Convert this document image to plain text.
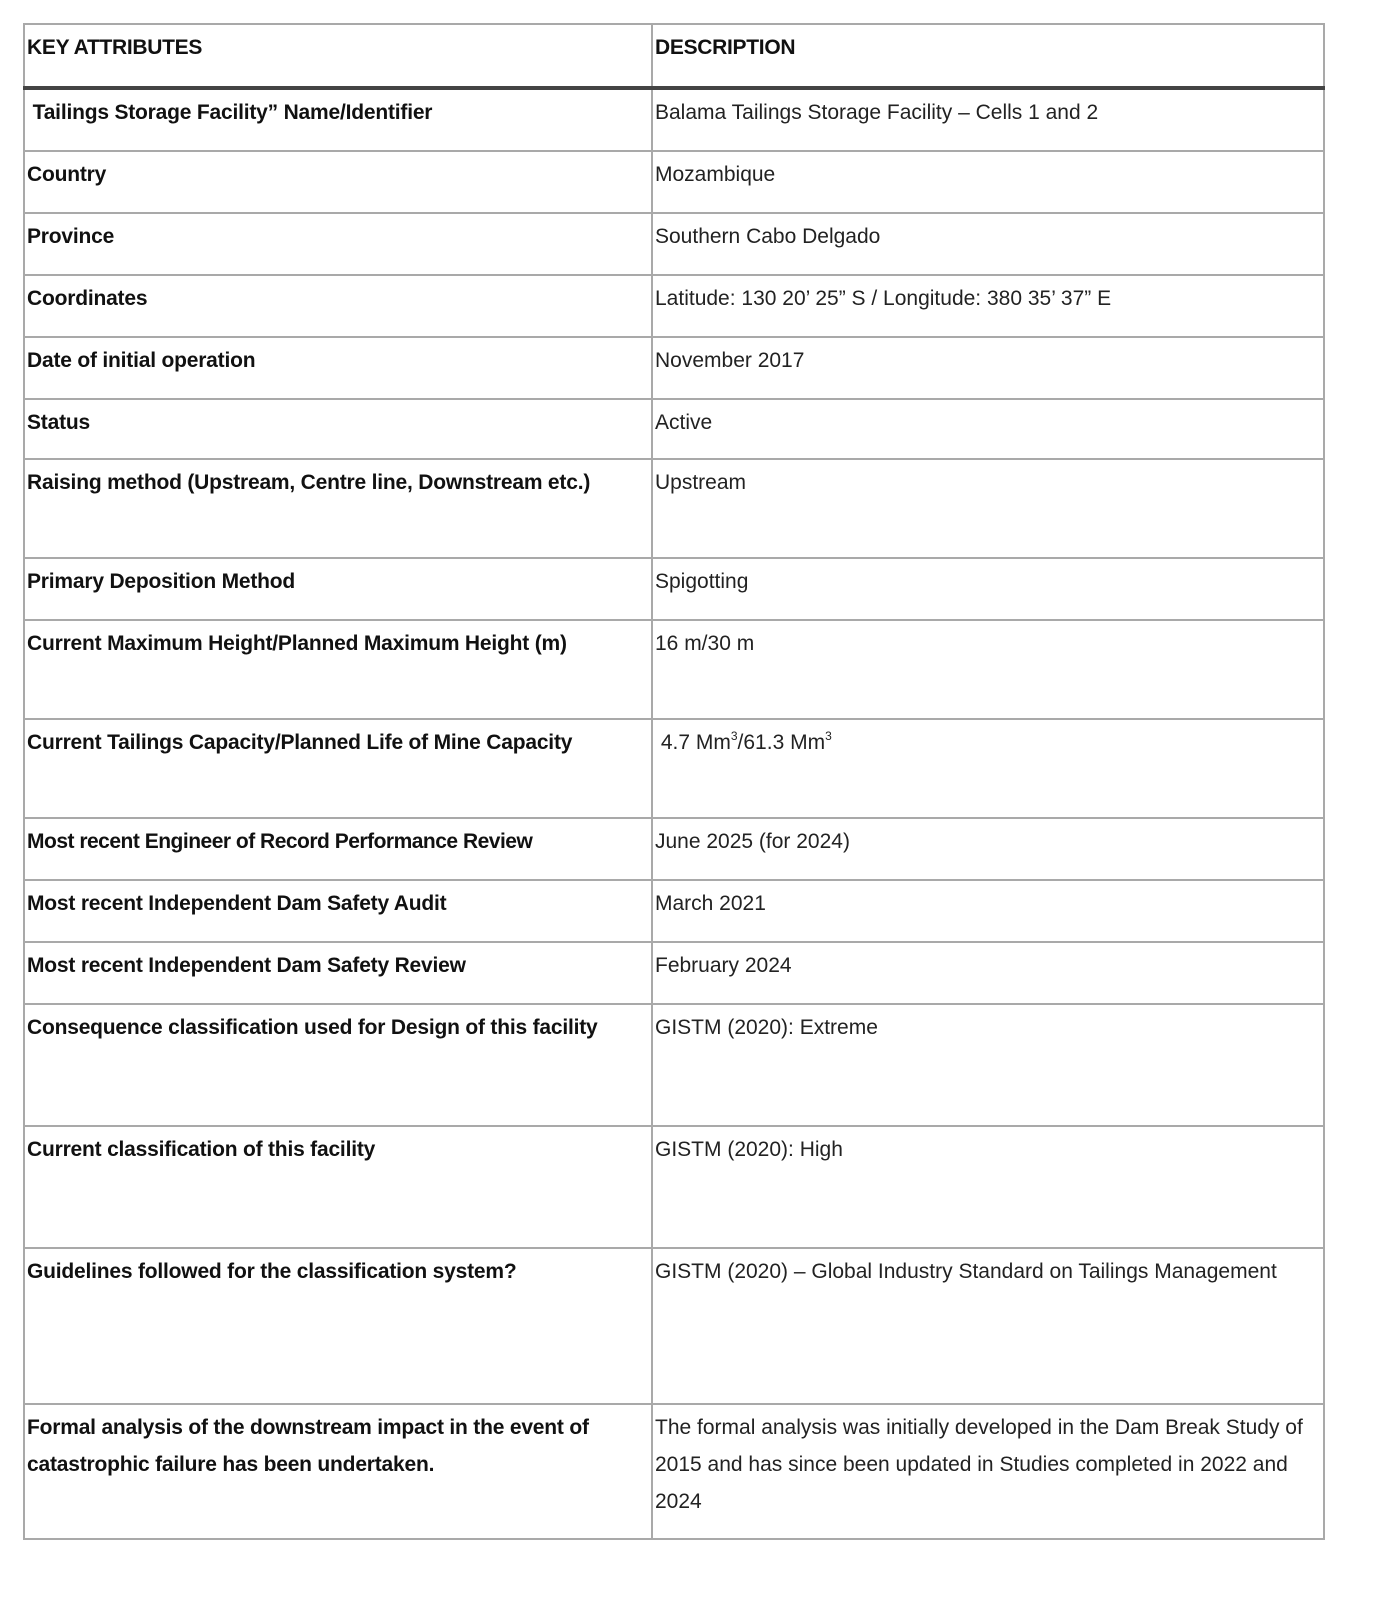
KEY ATTRIBUTES	DESCRIPTION
Tailings Storage Facility” Name/Identifier	Balama Tailings Storage Facility – Cells 1 and 2
Country	Mozambique
Province	Southern Cabo Delgado
Coordinates	Latitude: 130 20’ 25” S / Longitude: 380 35’ 37” E
Date of initial operation	November 2017
Status	Active
Raising method (Upstream, Centre line, Downstream etc.)	Upstream
Primary Deposition Method	Spigotting
Current Maximum Height/Planned Maximum Height (m)	16 m/30 m
Current Tailings Capacity/Planned Life of Mine Capacity	4.7 Mm$^3$/61.3 Mm$^3$
Most recent Engineer of Record Performance Review	June 2025 (for 2024)
Most recent Independent Dam Safety Audit	March 2021
Most recent Independent Dam Safety Review	February 2024
Consequence classification used for Design of this facility	GISTM (2020): Extreme
Current classification of this facility	GISTM (2020): High
Guidelines followed for the classification system?	GISTM (2020) – Global Industry Standard on Tailings Management
Formal analysis of the downstream impact in the event of catastrophic failure has been undertaken.	The formal analysis was initially developed in the Dam Break Study of 2015 and has since been updated in Studies completed in 2022 and 2024
